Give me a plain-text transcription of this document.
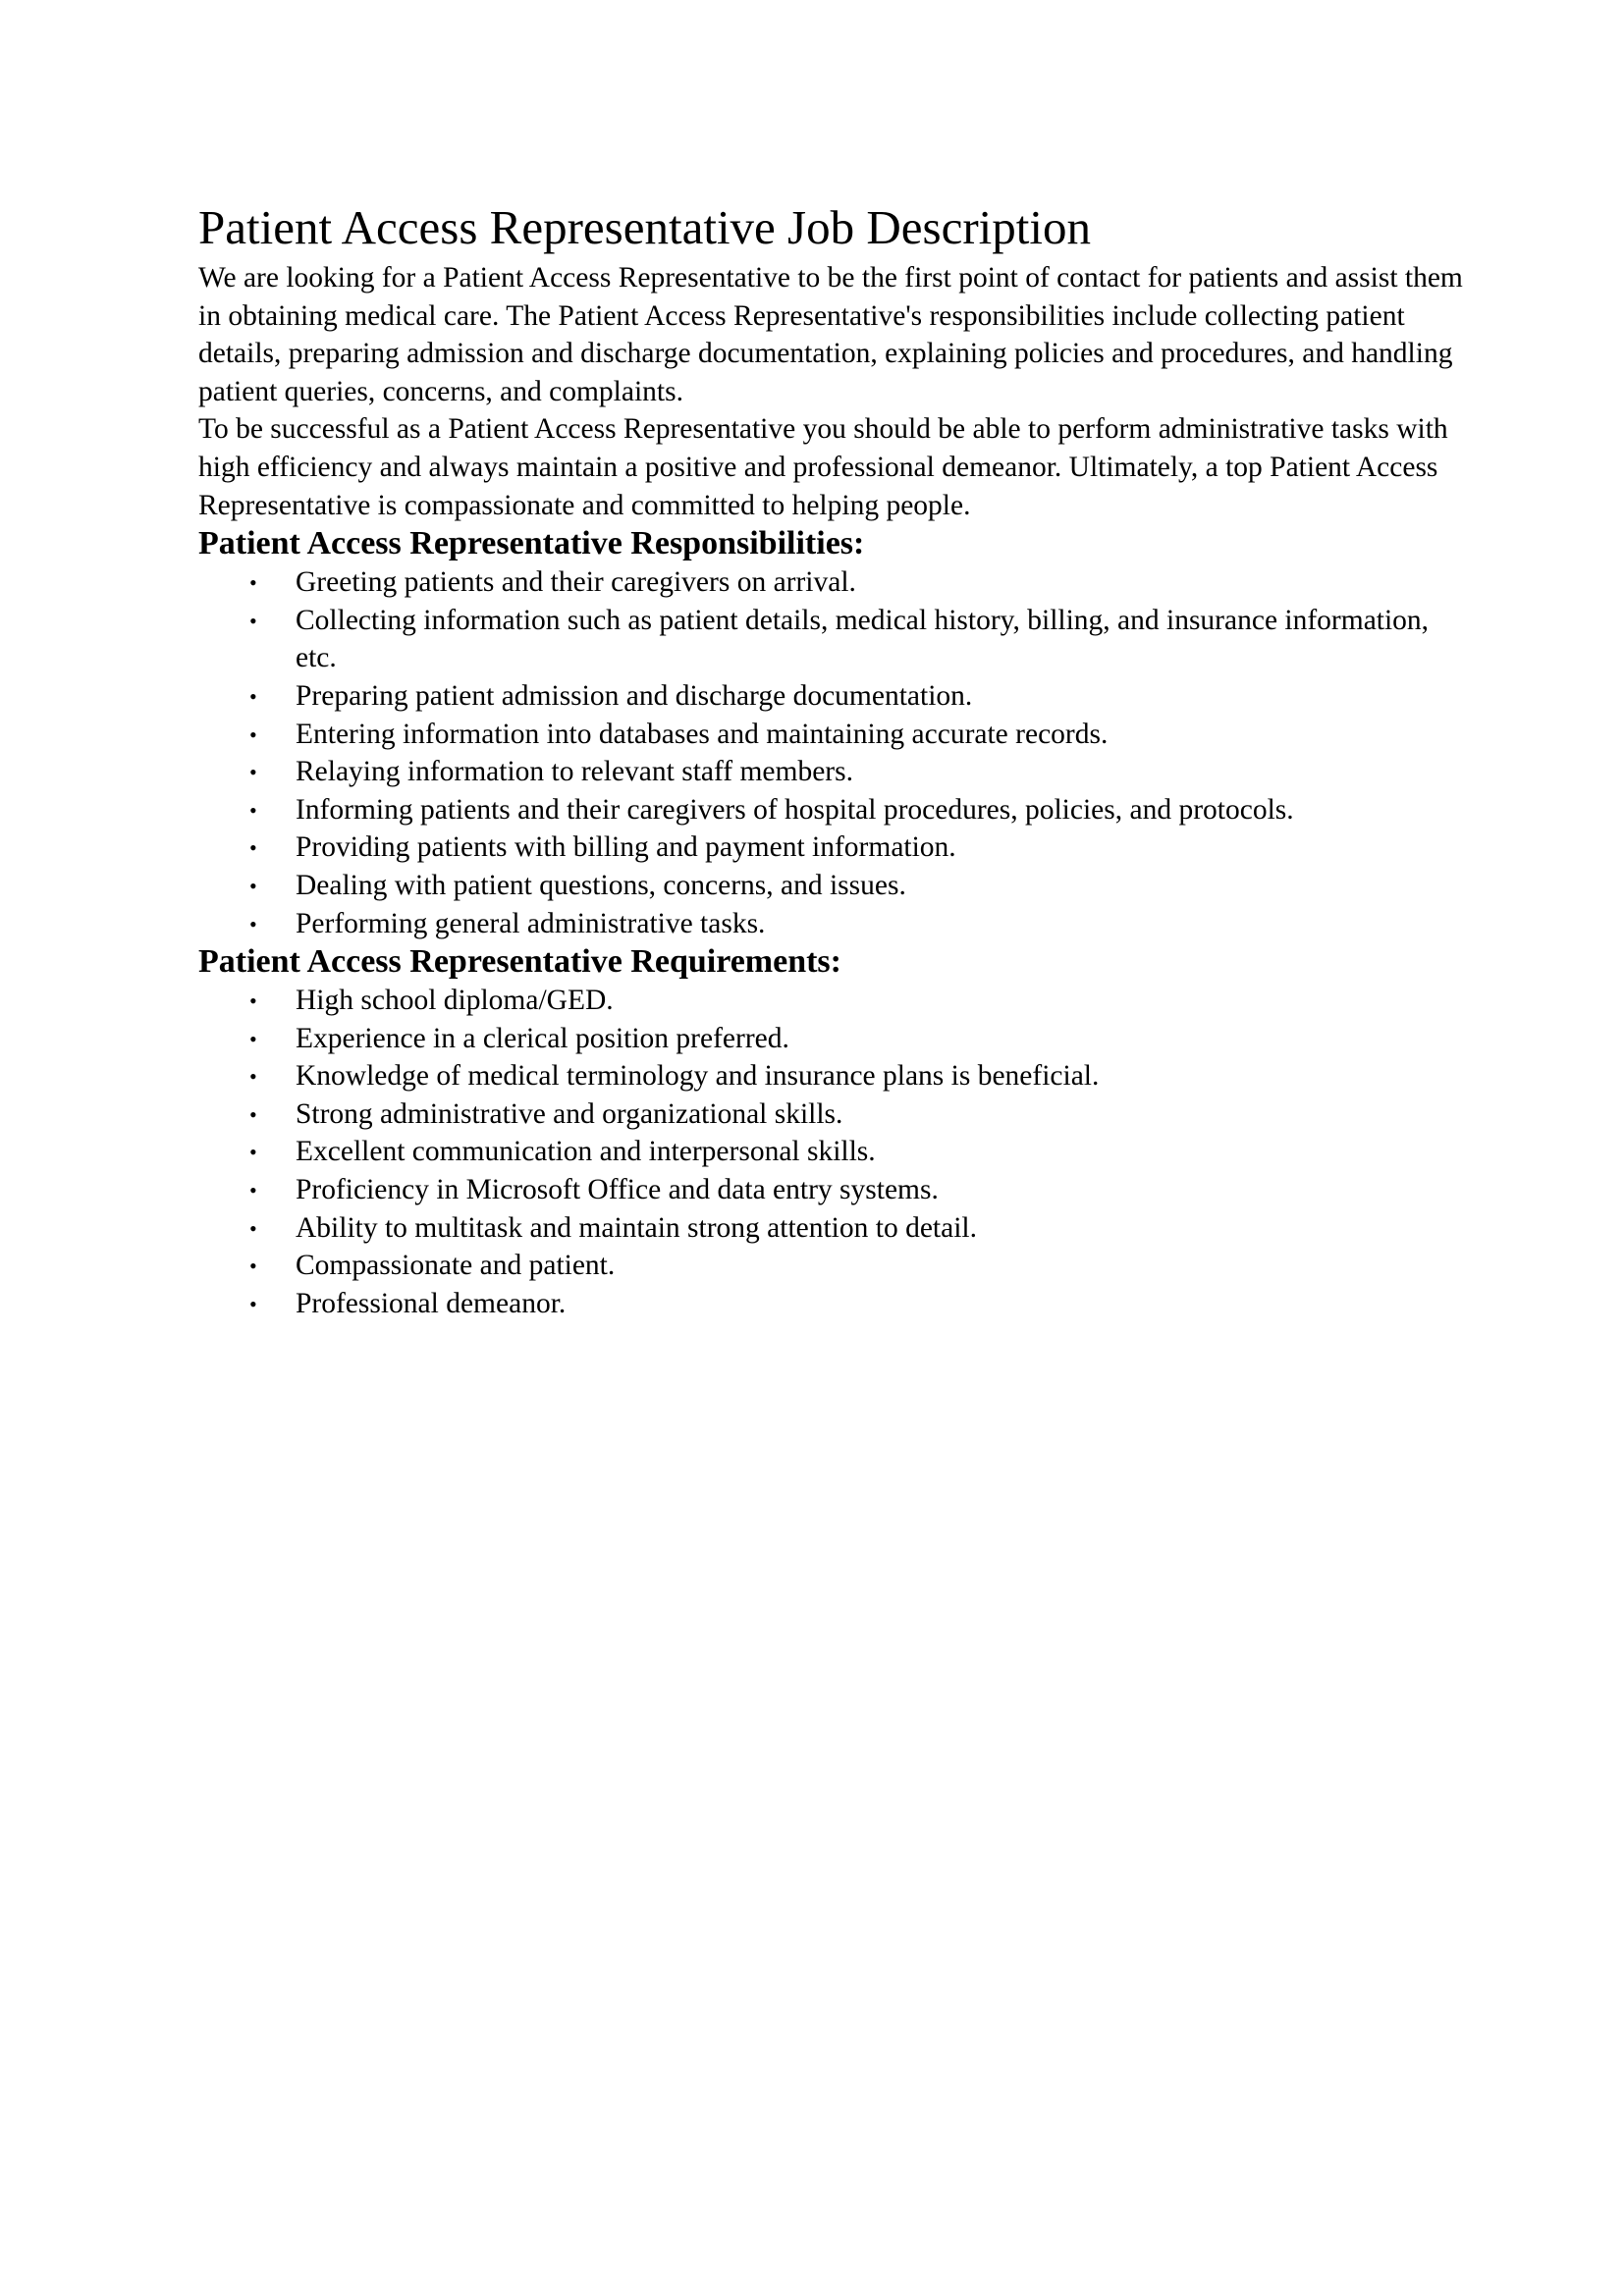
Patient Access Representative Job Description

We are looking for a Patient Access Representative to be the first point of contact for patients and assist them in obtaining medical care. The Patient Access Representative's responsibilities include collecting patient details, preparing admission and discharge documentation, explaining policies and procedures, and handling patient queries, concerns, and complaints.

To be successful as a Patient Access Representative you should be able to perform administrative tasks with high efficiency and always maintain a positive and professional demeanor. Ultimately, a top Patient Access Representative is compassionate and committed to helping people.

Patient Access Representative Responsibilities:
• Greeting patients and their caregivers on arrival.
• Collecting information such as patient details, medical history, billing, and insurance information, etc.
• Preparing patient admission and discharge documentation.
• Entering information into databases and maintaining accurate records.
• Relaying information to relevant staff members.
• Informing patients and their caregivers of hospital procedures, policies, and protocols.
• Providing patients with billing and payment information.
• Dealing with patient questions, concerns, and issues.
• Performing general administrative tasks.
Patient Access Representative Requirements:
• High school diploma/GED.
• Experience in a clerical position preferred.
• Knowledge of medical terminology and insurance plans is beneficial.
• Strong administrative and organizational skills.
• Excellent communication and interpersonal skills.
• Proficiency in Microsoft Office and data entry systems.
• Ability to multitask and maintain strong attention to detail.
• Compassionate and patient.
• Professional demeanor.
